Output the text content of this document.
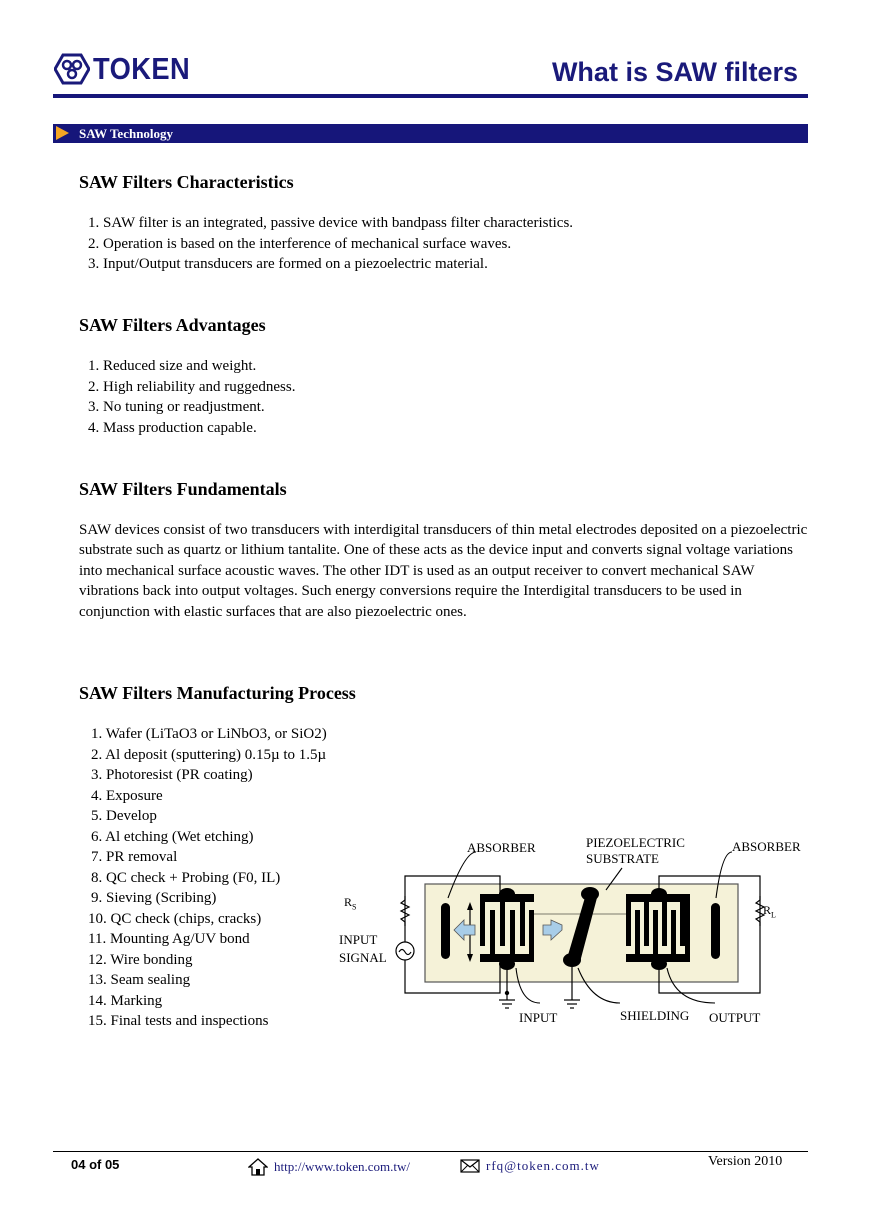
TOKEN	What is SAW filters
SAW Technology
SAW Filters Characteristics
1. SAW filter is an integrated, passive device with bandpass filter characteristics.
2. Operation is based on the interference of mechanical surface waves.
3. Input/Output transducers are formed on a piezoelectric material.
SAW Filters Advantages
1. Reduced size and weight.
2. High reliability and ruggedness.
3. No tuning or readjustment.
4. Mass production capable.
SAW Filters Fundamentals

SAW devices consist of two transducers with interdigital transducers of thin metal electrodes deposited on a piezoelectric substrate such as quartz or lithium tantalite. One of these acts as the device input and converts signal voltage variations into mechanical surface acoustic waves. The other IDT is used as an output receiver to convert mechanical SAW vibrations back into output voltages. Such energy conversions require the Interdigital transducers to be used in conjunction with elastic surfaces that are also piezoelectric ones.

SAW Filters Manufacturing Process
1. Wafer (LiTaO3 or LiNbO3, or SiO2)
2. Al deposit (sputtering) 0.15µ to 1.5µ
3. Photoresist (PR coating)
4. Exposure
5. Develop
6. Al etching (Wet etching)
7. PR removal
8. QC check + Probing (F0, IL)
9. Sieving (Scribing)
10. QC check (chips, cracks)
11. Mounting Ag/UV bond
12. Wire bonding
13. Seam sealing
14. Marking
15. Final tests and inspections
ABSORBER	PIEZOELECTRIC
SUBSTRATE
ABSORBER
$R_S$	$R_L$
INPUT
SIGNAL
INPUT	SHIELDING OUTPUT
04 of 05	http://www.token.com.tw/	rfq@token.com.tw	Version 2010
